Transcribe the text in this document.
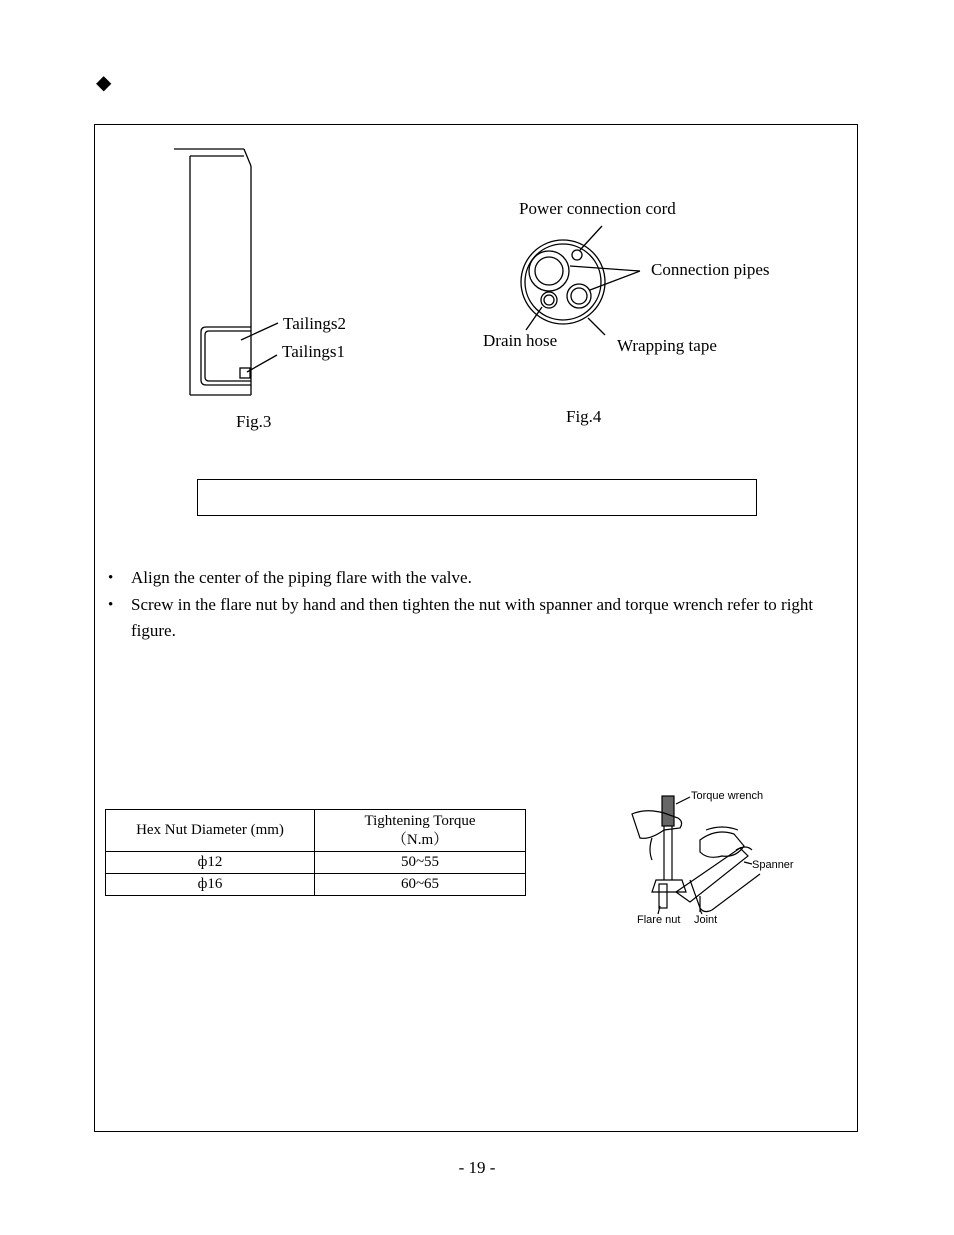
◆
Tailings2
Tailings1
Fig.3
Power connection cord
Connection pipes
Drain hose	Wrapping tape
Fig.4
• Align the center of the piping flare with the valve.
• Screw in the flare nut by hand and then tighten the nut with spanner and torque wrench refer to right figure.
Hex Nut Diameter (mm)	Tightening Torque
（N.m）

ф12	50~55
ф16	60~65
Torque wrench
Spanner
Flare nut Joint
- 19 -
